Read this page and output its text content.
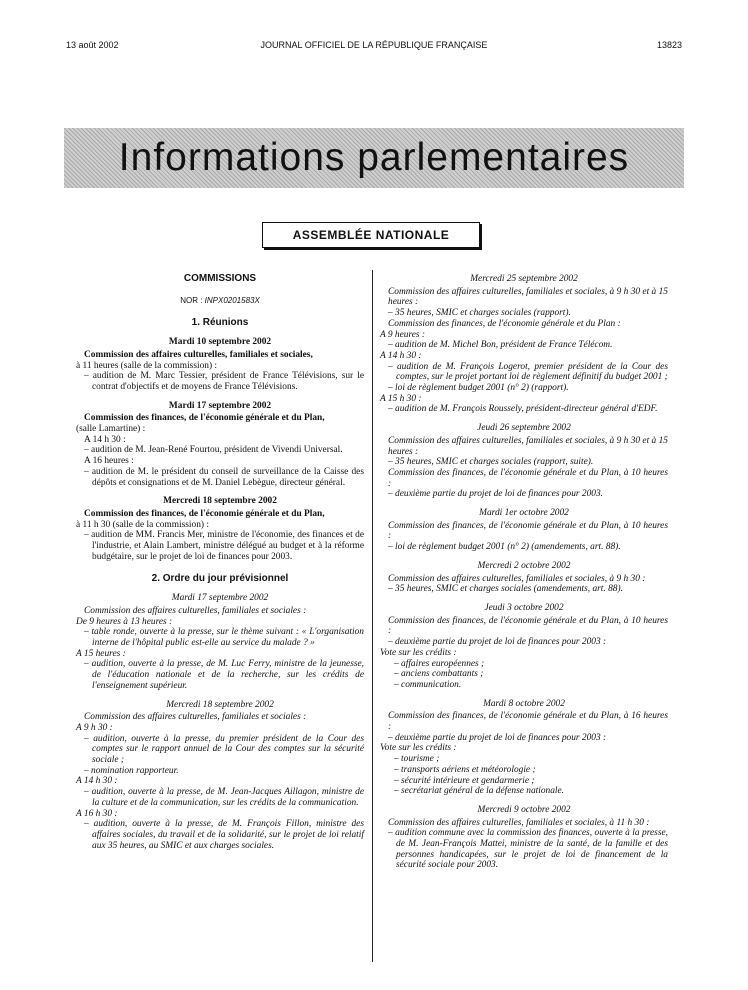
13 août 2002	JOURNAL OFFICIEL DE LA RÉPUBLIQUE FRANÇAISE	13823
Informations parlementaires
ASSEMBLÉE NATIONALE
COMMISSIONS
NOR : INPX0201583X
1. Réunions
Mardi 10 septembre 2002
Commission des affaires culturelles, familiales et sociales,
à 11 heures (salle de la commission) :
– audition de M. Marc Tessier, président de France Télévisions, sur le contrat d'objectifs et de moyens de France Télévisions.
Mardi 17 septembre 2002
Commission des finances, de l'économie générale et du Plan,
(salle Lamartine) :
A 14 h 30 :
– audition de M. Jean-René Fourtou, président de Vivendi Universal.
A 16 heures :
– audition de M. le président du conseil de surveillance de la Caisse des dépôts et consignations et de M. Daniel Lebègue, directeur général.
Mercredi 18 septembre 2002
Commission des finances, de l'économie générale et du Plan,
à 11 h 30 (salle de la commission) :
– audition de MM. Francis Mer, ministre de l'économie, des finances et de l'industrie, et Alain Lambert, ministre délégué au budget et à la réforme budgétaire, sur le projet de loi de finances pour 2003.
2. Ordre du jour prévisionnel
Mardi 17 septembre 2002
Commission des affaires culturelles, familiales et sociales :
De 9 heures à 13 heures :
– table ronde, ouverte à la presse, sur le thème suivant : « L'organisation interne de l'hôpital public est-elle au service du malade ? »
A 15 heures :
– audition, ouverte à la presse, de M. Luc Ferry, ministre de la jeunesse, de l'éducation nationale et de la recherche, sur les crédits de l'enseignement supérieur.
Mercredi 18 septembre 2002
Commission des affaires culturelles, familiales et sociales :
A 9 h 30 :
– audition, ouverte à la presse, du premier président de la Cour des comptes sur le rapport annuel de la Cour des comptes sur la sécurité sociale ;
– nomination rapporteur.
A 14 h 30 :
– audition, ouverte à la presse, de M. Jean-Jacques Aillagon, ministre de la culture et de la communication, sur les crédits de la communication.
A 16 h 30 :
– audition, ouverte à la presse, de M. François Fillon, ministre des affaires sociales, du travail et de la solidarité, sur le projet de loi relatif aux 35 heures, au SMIC et aux charges sociales.
Mercredi 25 septembre 2002
Commission des affaires culturelles, familiales et sociales, à 9 h 30 et à 15 heures :
– 35 heures, SMIC et charges sociales (rapport).
Commission des finances, de l'économie générale et du Plan :
A 9 heures :
– audition de M. Michel Bon, président de France Télécom.
A 14 h 30 :
– audition de M. François Logerot, premier président de la Cour des comptes, sur le projet portant loi de règlement définitif du budget 2001 ;
– loi de règlement budget 2001 (n° 2) (rapport).
A 15 h 30 :
– audition de M. François Roussely, président-directeur général d'EDF.
Jeudi 26 septembre 2002
Commission des affaires culturelles, familiales et sociales, à 9 h 30 et à 15 heures :
– 35 heures, SMIC et charges sociales (rapport, suite).
Commission des finances, de l'économie générale et du Plan, à 10 heures :
– deuxième partie du projet de loi de finances pour 2003.
Mardi 1er octobre 2002
Commission des finances, de l'économie générale et du Plan, à 10 heures :
– loi de règlement budget 2001 (n° 2) (amendements, art. 88).
Mercredi 2 octobre 2002
Commission des affaires culturelles, familiales et sociales, à 9 h 30 :
– 35 heures, SMIC et charges sociales (amendements, art. 88).
Jeudi 3 octobre 2002
Commission des finances, de l'économie générale et du Plan, à 10 heures :
– deuxième partie du projet de loi de finances pour 2003 :
Vote sur les crédits :
– affaires européennes ;
– anciens combattants ;
– communication.
Mardi 8 octobre 2002
Commission des finances, de l'économie générale et du Plan, à 16 heures :
– deuxième partie du projet de loi de finances pour 2003 :
Vote sur les crédits :
– tourisme ;
– transports aériens et météorologie ;
– sécurité intérieure et gendarmerie ;
– secrétariat général de la défense nationale.
Mercredi 9 octobre 2002
Commission des affaires culturelles, familiales et sociales, à 11 h 30 :
– audition commune avec la commission des finances, ouverte à la presse, de M. Jean-François Mattei, ministre de la santé, de la famille et des personnes handicapées, sur le projet de loi de financement de la sécurité sociale pour 2003.
